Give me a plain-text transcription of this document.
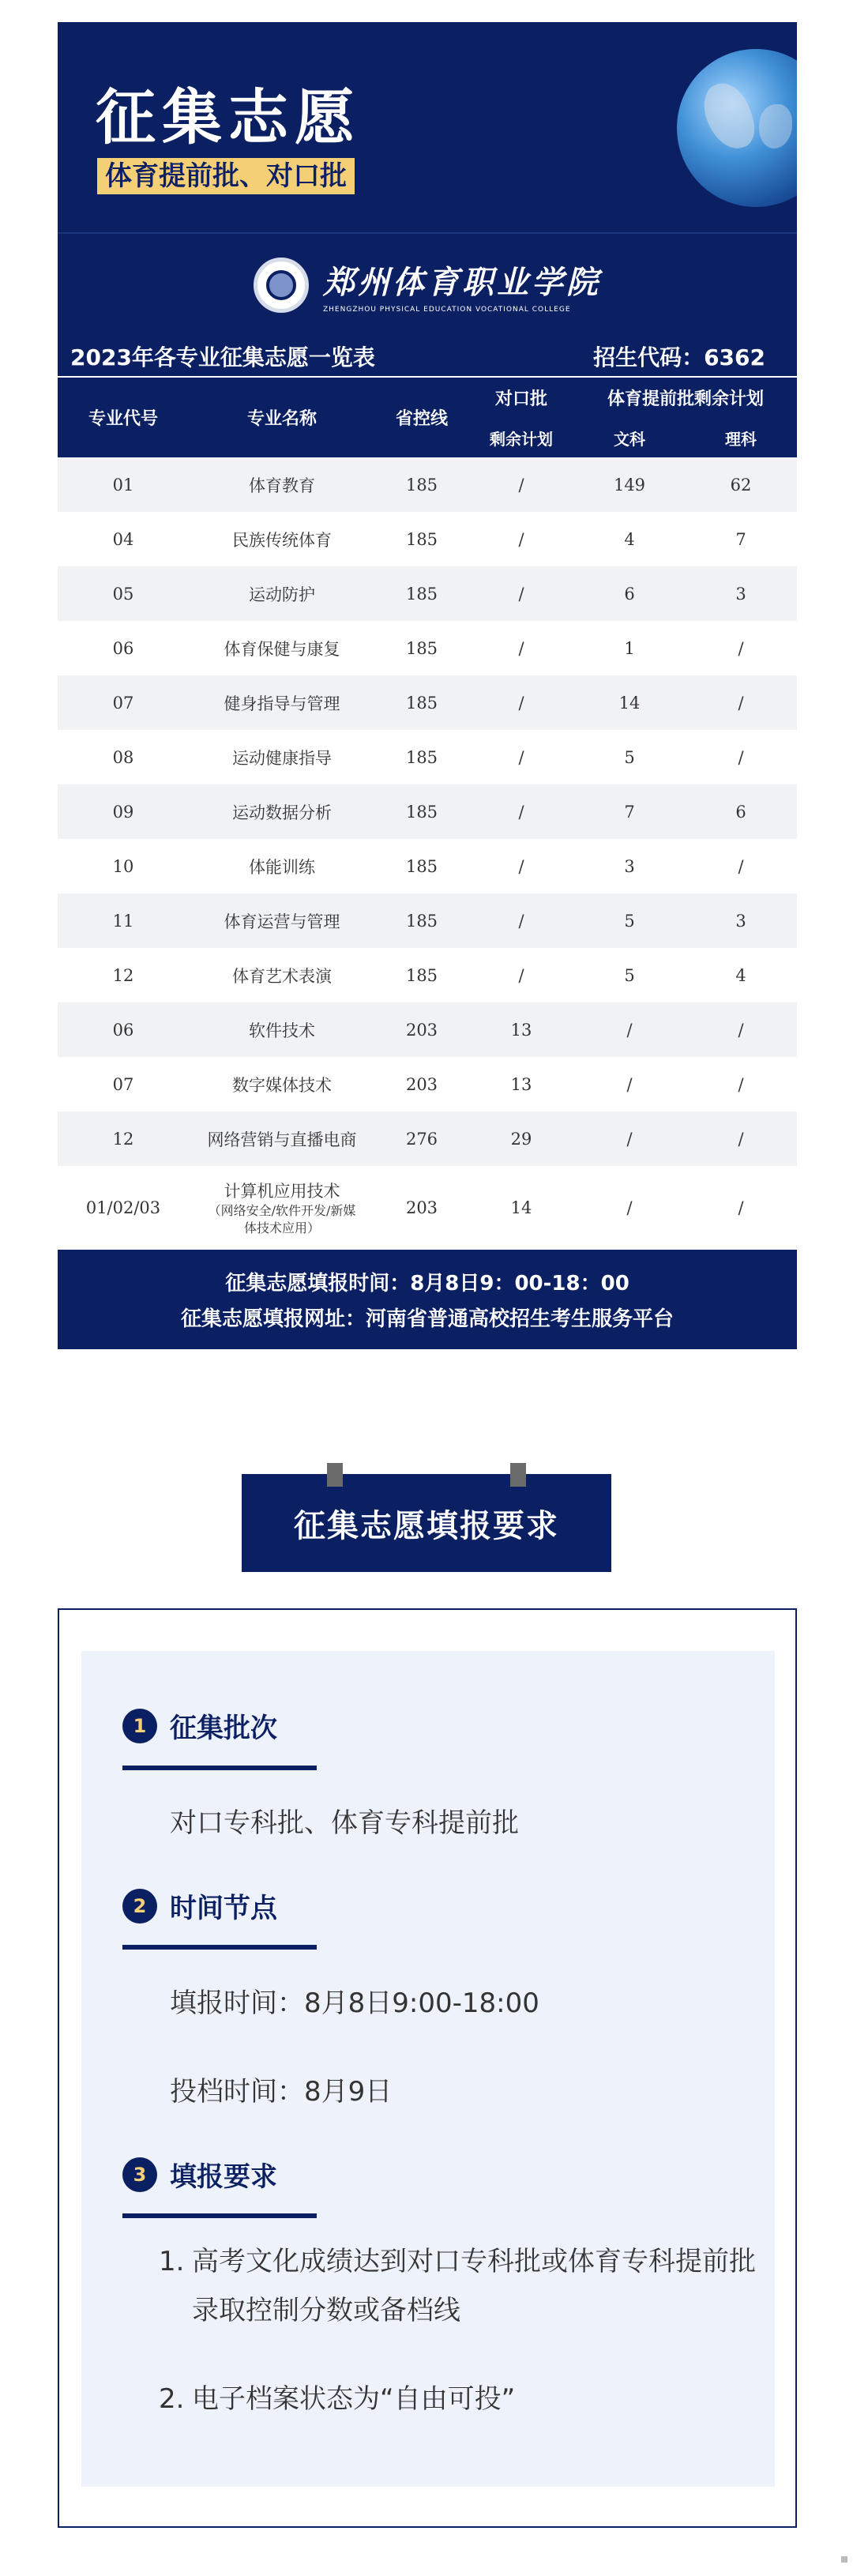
征集志愿
体育提前批、对口批
郑州体育职业学院
ZHENGZHOU PHYSICAL EDUCATION VOCATIONAL COLLEGE
2023年各专业征集志愿一览表	招生代码：6362
专业代号	专业名称	省控线	对口批	体育提前批剩余计划	
			剩余计划	文科	理科
01	体育教育	185	/	149	62
04	民族传统体育	185	/	4	7
05	运动防护	185	/	6	3
06	体育保健与康复	185	/	1	/
07	健身指导与管理	185	/	14	/
08	运动健康指导	185	/	5	/
09	运动数据分析	185	/	7	6
10	体能训练	185	/	3	/
11	体育运营与管理	185	/	5	3
12	体育艺术表演	185	/	5	4
06	软件技术	203	13	/	/
07	数字媒体技术	203	13	/	/
12	网络营销与直播电商	276	29	/	/
01/02/03	计算机应用技术
（网络安全/软件开发/新媒体技术应用）	203	14	/	/
征集志愿填报时间：8月8日9：00-18：00
征集志愿填报网址：河南省普通高校招生考生服务平台
征集志愿填报要求
1 征集批次
对口专科批、体育专科提前批
2 时间节点
填报时间：8月8日9:00-18:00
投档时间：8月9日
3 填报要求
1. 高考文化成绩达到对口专科批或体育专科提前批录取控制分数或备档线
2. 电子档案状态为“自由可投”
